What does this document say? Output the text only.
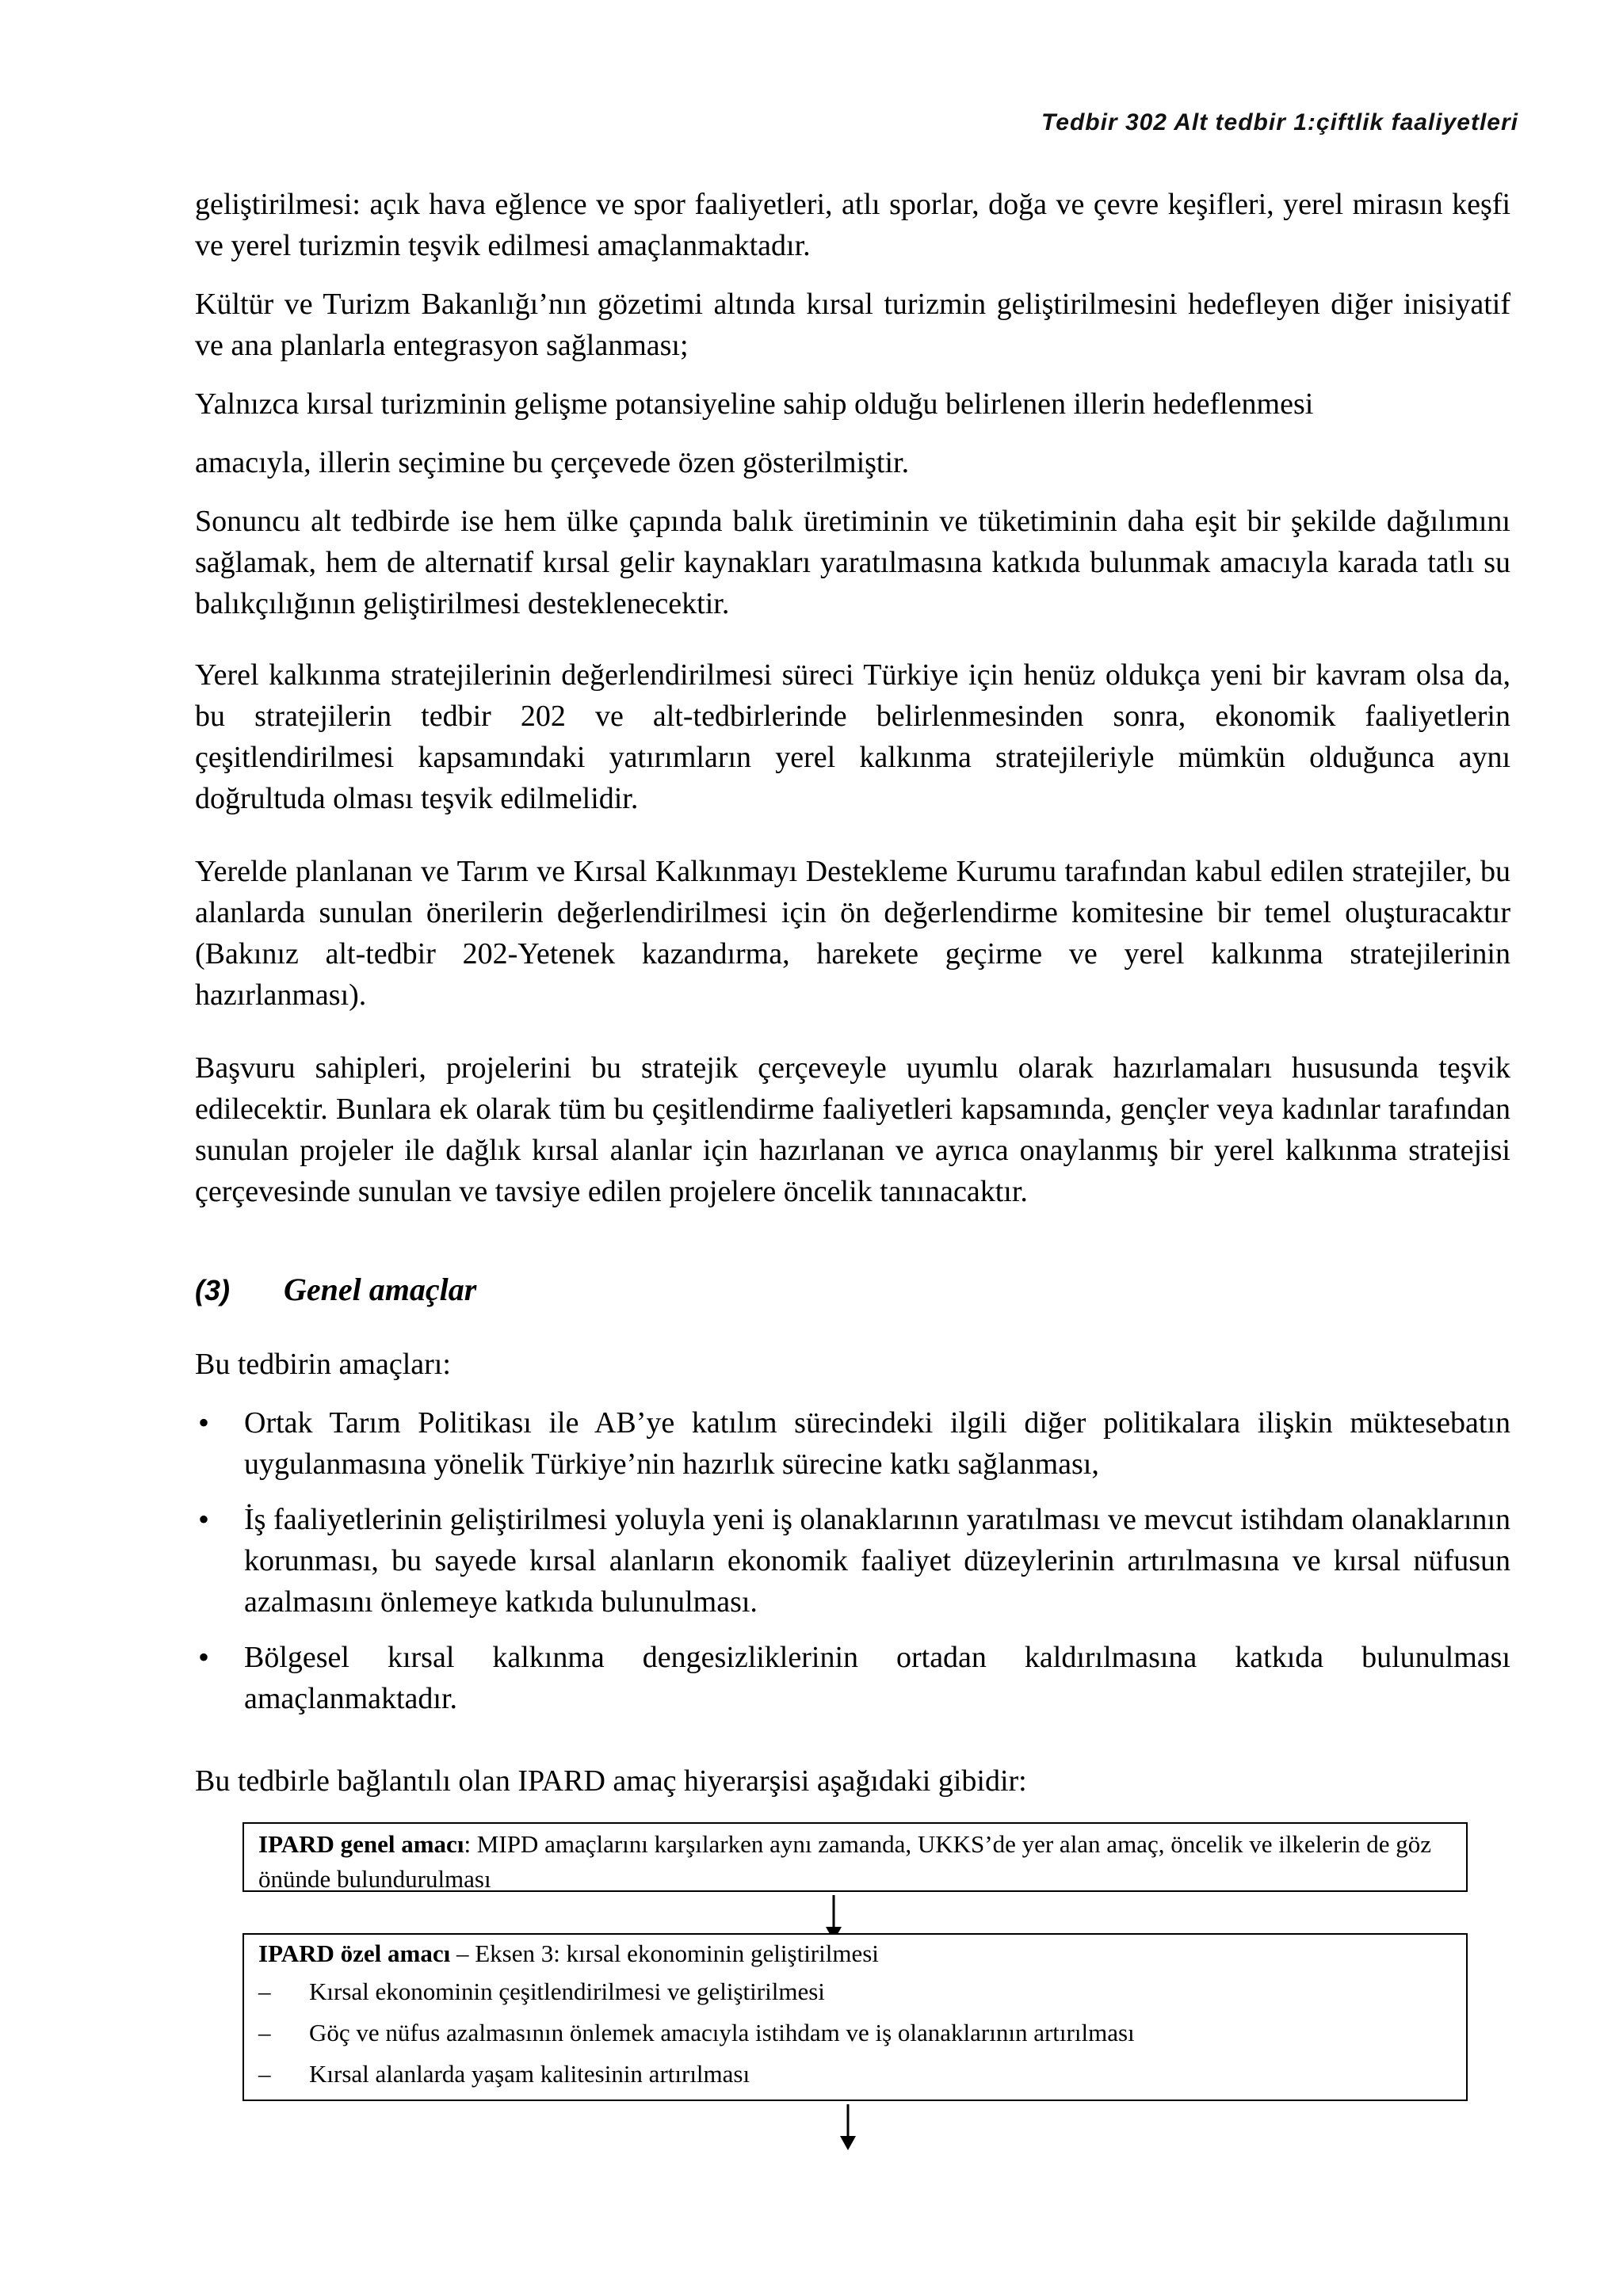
Tedbir 302 Alt tedbir 1:çiftlik faaliyetleri

geliştirilmesi: açık hava eğlence ve spor faaliyetleri, atlı sporlar, doğa ve çevre keşifleri, yerel mirasın keşfi ve yerel turizmin teşvik edilmesi amaçlanmaktadır.

Kültür ve Turizm Bakanlığı’nın gözetimi altında kırsal turizmin geliştirilmesini hedefleyen diğer inisiyatif ve ana planlarla entegrasyon sağlanması;

Yalnızca kırsal turizminin gelişme potansiyeline sahip olduğu belirlenen illerin hedeflenmesi

amacıyla, illerin seçimine bu çerçevede özen gösterilmiştir.

Sonuncu alt tedbirde ise hem ülke çapında balık üretiminin ve tüketiminin daha eşit bir şekilde dağılımını sağlamak, hem de alternatif kırsal gelir kaynakları yaratılmasına katkıda bulunmak amacıyla karada tatlı su balıkçılığının geliştirilmesi desteklenecektir.

Yerel kalkınma stratejilerinin değerlendirilmesi süreci Türkiye için henüz oldukça yeni bir kavram olsa da, bu stratejilerin tedbir 202 ve alt-tedbirlerinde belirlenmesinden sonra, ekonomik faaliyetlerin çeşitlendirilmesi kapsamındaki yatırımların yerel kalkınma stratejileriyle mümkün olduğunca aynı doğrultuda olması teşvik edilmelidir.

Yerelde planlanan ve Tarım ve Kırsal Kalkınmayı Destekleme Kurumu tarafından kabul edilen stratejiler, bu alanlarda sunulan önerilerin değerlendirilmesi için ön değerlendirme komitesine bir temel oluşturacaktır (Bakınız alt-tedbir 202-Yetenek kazandırma, harekete geçirme ve yerel kalkınma stratejilerinin hazırlanması).

Başvuru sahipleri, projelerini bu stratejik çerçeveyle uyumlu olarak hazırlamaları hususunda teşvik edilecektir. Bunlara ek olarak tüm bu çeşitlendirme faaliyetleri kapsamında, gençler veya kadınlar tarafından sunulan projeler ile dağlık kırsal alanlar için hazırlanan ve ayrıca onaylanmış bir yerel kalkınma stratejisi çerçevesinde sunulan ve tavsiye edilen projelere öncelik tanınacaktır.

(3) Genel amaçlar

Bu tedbirin amaçları:

• Ortak Tarım Politikası ile AB’ye katılım sürecindeki ilgili diğer politikalara ilişkin müktesebatın uygulanmasına yönelik Türkiye’nin hazırlık sürecine katkı sağlanması,
• İş faaliyetlerinin geliştirilmesi yoluyla yeni iş olanaklarının yaratılması ve mevcut istihdam olanaklarının korunması, bu sayede kırsal alanların ekonomik faaliyet düzeylerinin artırılmasına ve kırsal nüfusun azalmasını önlemeye katkıda bulunulması.
• Bölgesel kırsal kalkınma dengesizliklerinin ortadan kaldırılmasına katkıda bulunulması amaçlanmaktadır.

Bu tedbirle bağlantılı olan IPARD amaç hiyerarşisi aşağıdaki gibidir:

IPARD genel amacı: MIPD amaçlarını karşılarken aynı zamanda, UKKS’de yer alan amaç, öncelik ve ilkelerin de göz önünde bulundurulması
IPARD özel amacı – Eksen 3: kırsal ekonominin geliştirilmesi
– Kırsal ekonominin çeşitlendirilmesi ve geliştirilmesi
– Göç ve nüfus azalmasının önlemek amacıyla istihdam ve iş olanaklarının artırılması
– Kırsal alanlarda yaşam kalitesinin artırılması
